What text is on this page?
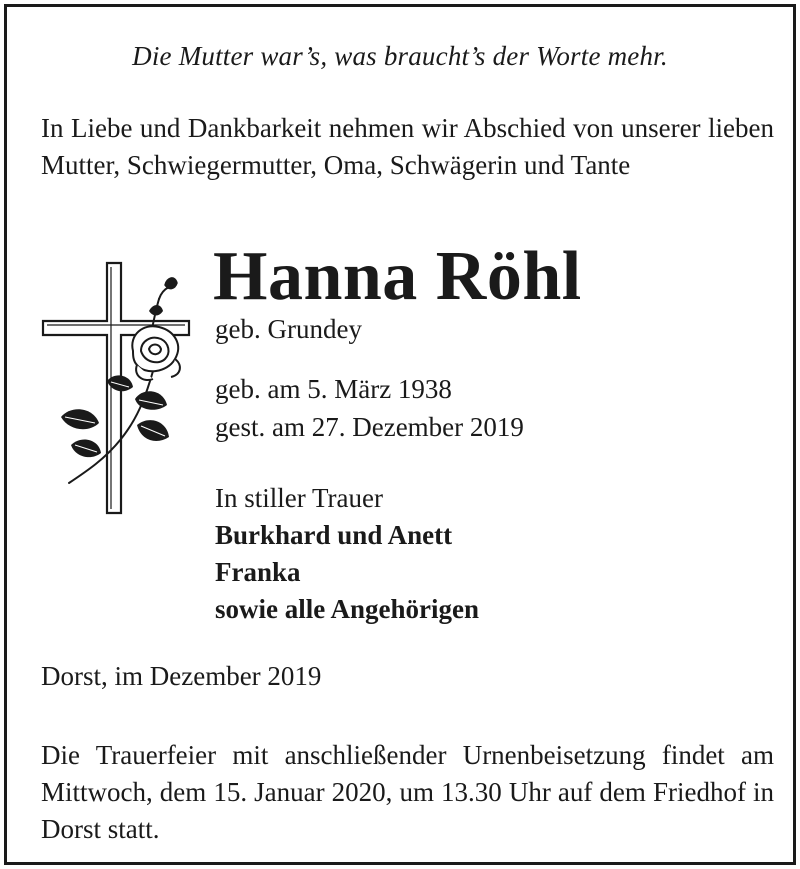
Die Mutter war’s, was braucht’s der Worte mehr.
In Liebe und Dankbarkeit nehmen wir Abschied von unserer lieben Mutter, Schwiegermutter, Oma, Schwägerin und Tante
Hanna Röhl
geb. Grundey
geb. am 5. März 1938
gest. am 27. Dezember 2019
In stiller Trauer
Burkhard und Anett
Franka
sowie alle Angehörigen
Dorst, im Dezember 2019
Die Trauerfeier mit anschließender Urnenbeisetzung findet am Mittwoch, dem 15. Januar 2020, um 13.30 Uhr auf dem Friedhof in Dorst statt.
